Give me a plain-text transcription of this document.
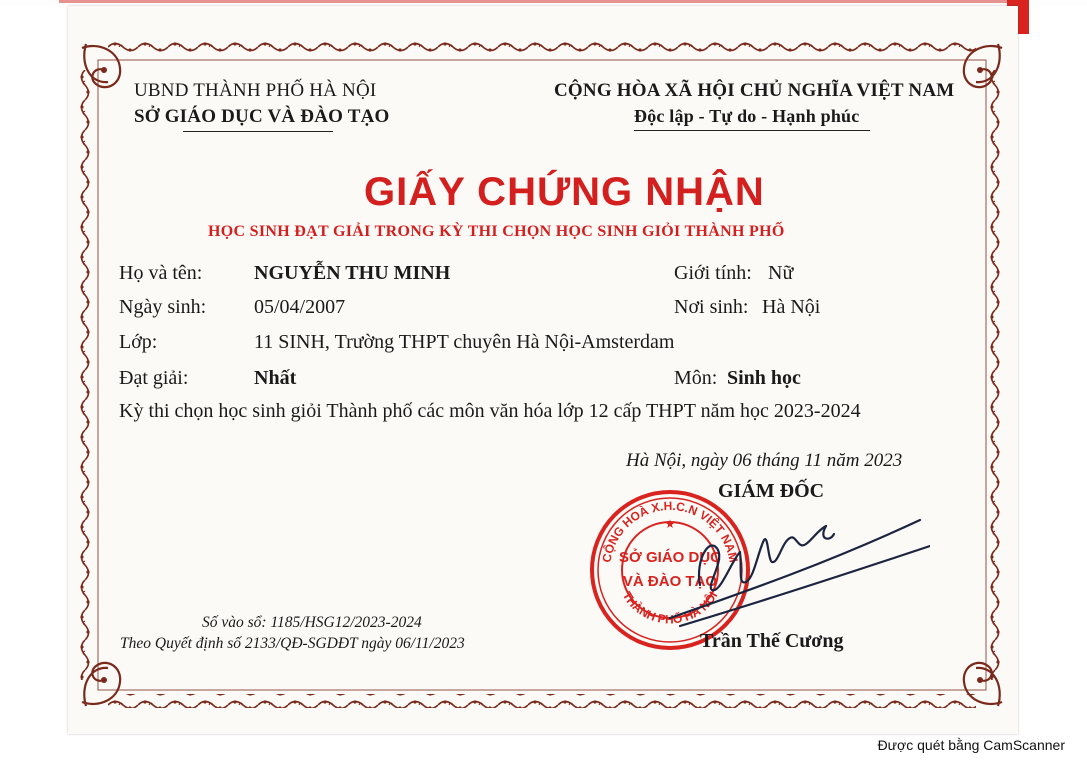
UBND THÀNH PHỐ HÀ NỘI
SỞ GIÁO DỤC VÀ ĐÀO TẠO
CỘNG HÒA XÃ HỘI CHỦ NGHĨA VIỆT NAM
Độc lập - Tự do - Hạnh phúc
GIẤY CHỨNG NHẬN
HỌC SINH ĐẠT GIẢI TRONG KỲ THI CHỌN HỌC SINH GIỎI THÀNH PHỐ
Họ và tên:	NGUYỄN THU MINH	Giới tính: Nữ
Ngày sinh: 05/04/2007	Nơi sinh: Hà Nội
Lớp:	11 SINH, Trường THPT chuyên Hà Nội-Amsterdam
Đạt giải:	Nhất	Môn: Sinh học
Kỳ thi chọn học sinh giỏi Thành phố các môn văn hóa lớp 12 cấp THPT năm học 2023-2024
Hà Nội, ngày 06 tháng 11 năm 2023
GIÁM ĐỐC
CỘNG HOÀ X.H.C.N VIỆT NAM
THÀNH PHỐ HÀ NỘI
SỞ GIÁO DỤC
VÀ ĐÀO TẠO
★
Trần Thế Cương
Số vào sổ: 1185/HSG12/2023-2024
Theo Quyết định số 2133/QĐ-SGDĐT ngày 06/11/2023
Được quét bằng CamScanner
